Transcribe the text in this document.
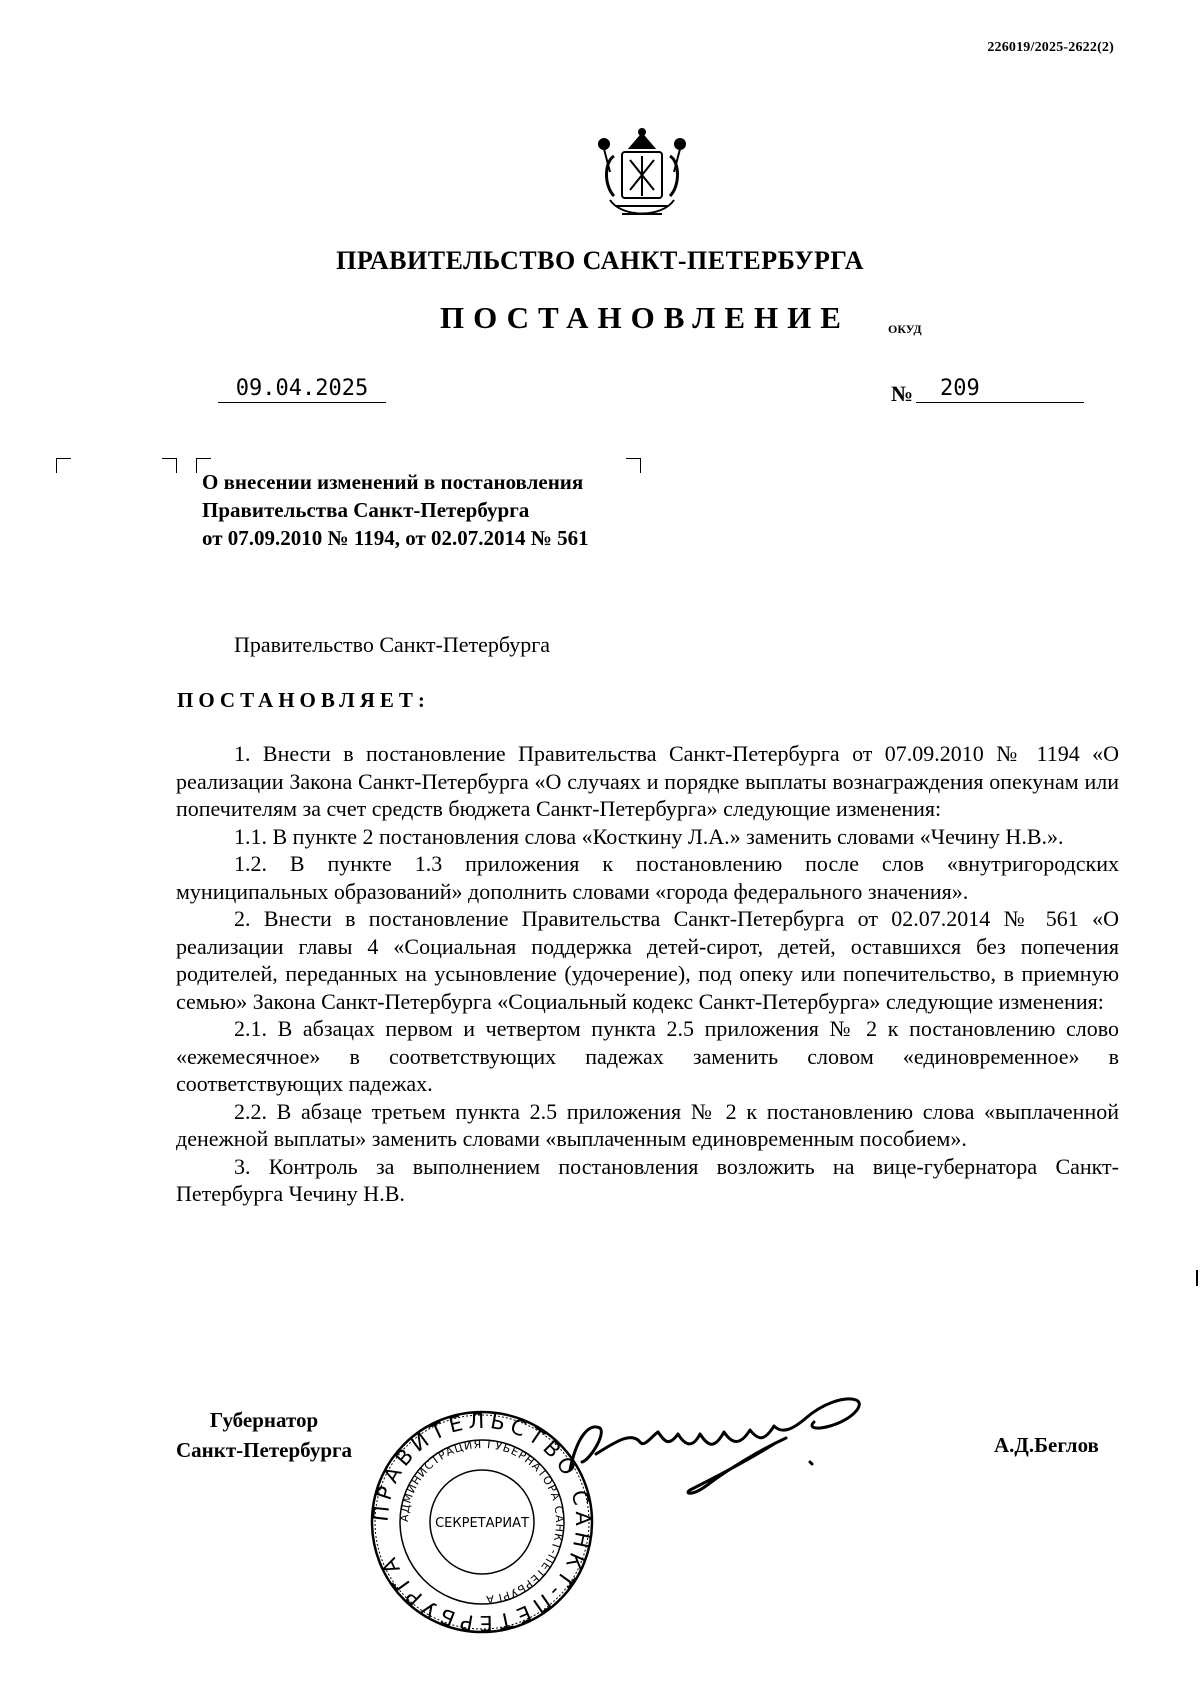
226019/2025-2622(2)
ПРАВИТЕЛЬСТВО САНКТ-ПЕТЕРБУРГА
ПОСТАНОВЛЕНИЕ	ОКУД
09.04.2025	№	209
О внесении изменений в постановления
Правительства Санкт-Петербурга
от 07.09.2010 № 1194, от 02.07.2014 № 561
Правительство Санкт-Петербурга
ПОСТАНОВЛЯЕТ:

1. Внести в постановление Правительства Санкт-Петербурга от 07.09.2010 № 1194 «О реализации Закона Санкт-Петербурга «О случаях и порядке выплаты вознаграждения опекунам или попечителям за счет средств бюджета Санкт-Петербурга» следующие изменения:

1.1. В пункте 2 постановления слова «Косткину Л.А.» заменить словами «Чечину Н.В.».

1.2. В пункте 1.3 приложения к постановлению после слов «внутригородских муниципальных образований» дополнить словами «города федерального значения».

2. Внести в постановление Правительства Санкт-Петербурга от 02.07.2014 № 561 «О реализации главы 4 «Социальная поддержка детей-сирот, детей, оставшихся без попечения родителей, переданных на усыновление (удочерение), под опеку или попечительство, в приемную семью» Закона Санкт-Петербурга «Социальный кодекс Санкт-Петербурга» следующие изменения:

2.1. В абзацах первом и четвертом пункта 2.5 приложения № 2 к постановлению слово «ежемесячное» в соответствующих падежах заменить словом «единовременное» в соответствующих падежах.

2.2. В абзаце третьем пункта 2.5 приложения № 2 к постановлению слова «выплаченной денежной выплаты» заменить словами «выплаченным единовременным пособием».

3. Контроль за выполнением постановления возложить на вице-губернатора Санкт-Петербурга Чечину Н.В.

Губернатор
Санкт-Петербурга
ПРАВИТЕЛЬСТВО САНКТ-ПЕТЕРБУРГА
АДМИНИСТРАЦИЯ ГУБЕРНАТОРА САНКТ-ПЕТЕРБУРГА
СЕКРЕТАРИАТ
А.Д.Беглов
